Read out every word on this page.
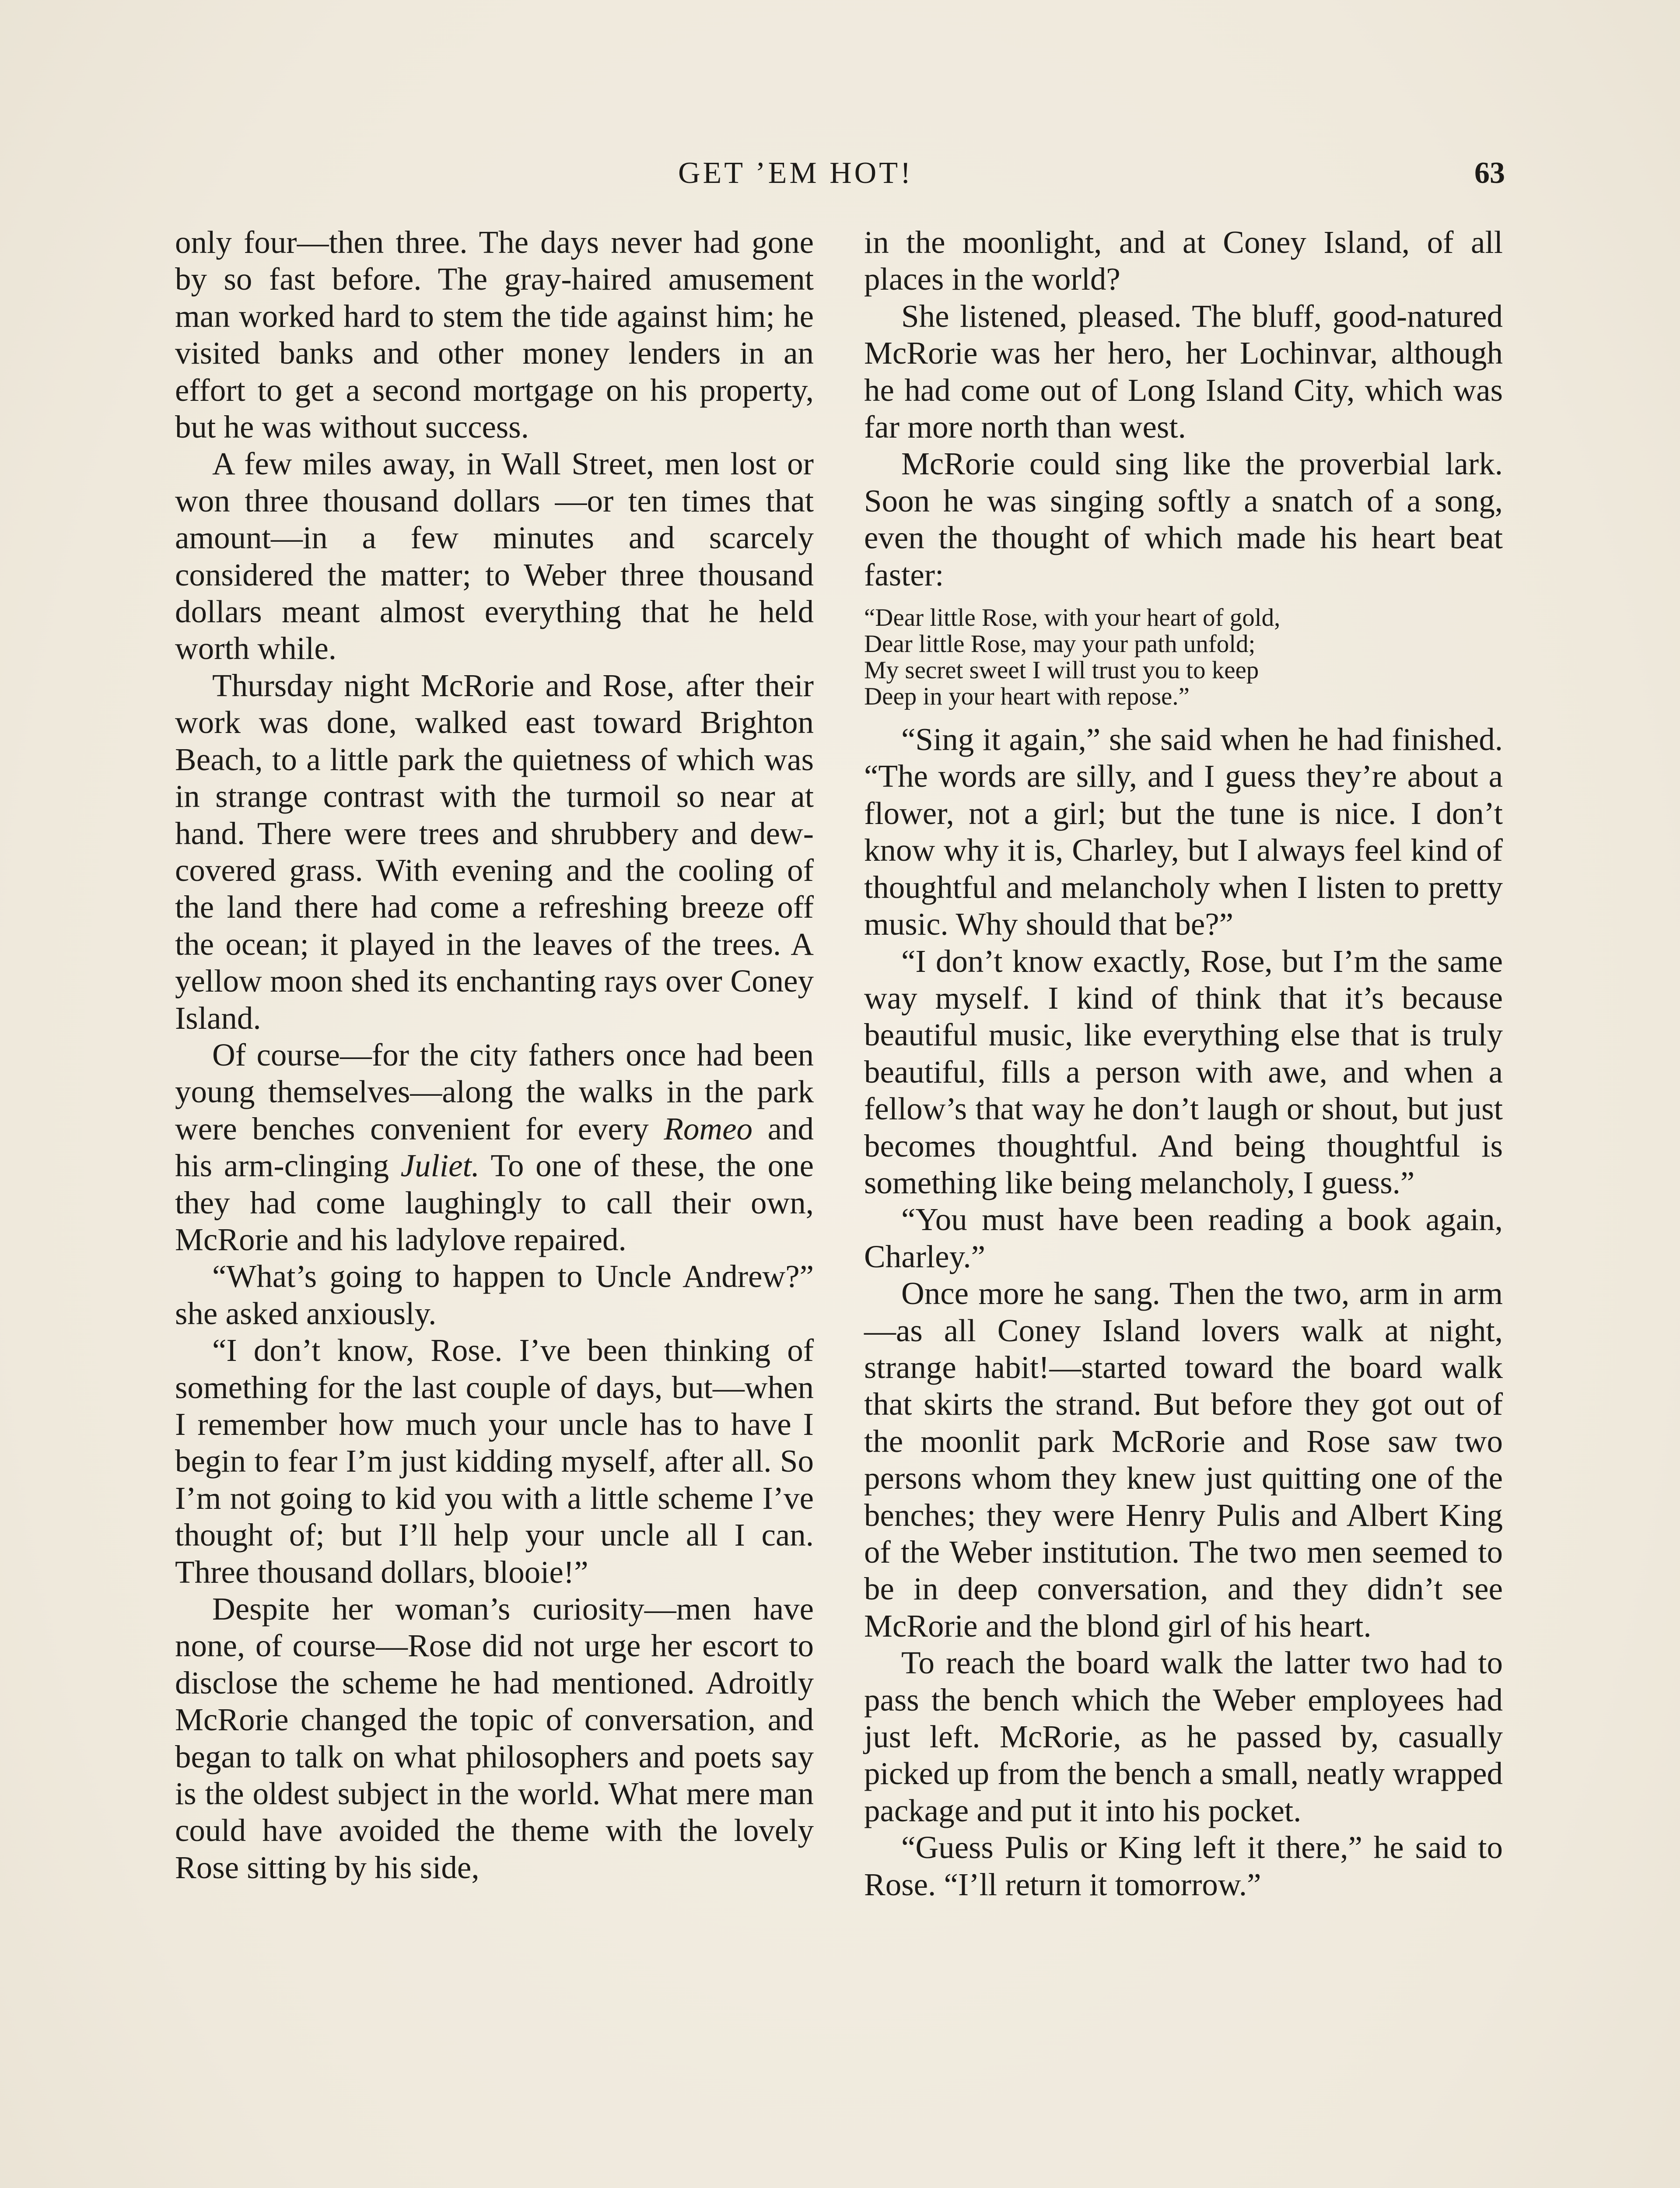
GET ’EM HOT!	63

only four—then three. The days never had gone by so fast before. The gray-haired amusement man worked hard to stem the tide against him; he visited banks and other money lenders in an effort to get a second mortgage on his property, but he was without success.

A few miles away, in Wall Street, men lost or won three thousand dollars —or ten times that amount—in a few minutes and scarcely considered the matter; to Weber three thousand dollars meant almost everything that he held worth while.

Thursday night McRorie and Rose, after their work was done, walked east toward Brighton Beach, to a little park the quietness of which was in strange contrast with the turmoil so near at hand. There were trees and shrubbery and dew-covered grass. With evening and the cooling of the land there had come a refreshing breeze off the ocean; it played in the leaves of the trees. A yellow moon shed its enchanting rays over Coney Island.

Of course—for the city fathers once had been young themselves—along the walks in the park were benches convenient for every Romeo and his arm-clinging Juliet. To one of these, the one they had come laughingly to call their own, McRorie and his ladylove repaired.

“What’s going to happen to Uncle Andrew?” she asked anxiously.

“I don’t know, Rose. I’ve been thinking of something for the last couple of days, but—when I remember how much your uncle has to have I begin to fear I’m just kidding myself, after all. So I’m not going to kid you with a little scheme I’ve thought of; but I’ll help your uncle all I can. Three thousand dollars, blooie!”

Despite her woman’s curiosity—men have none, of course—Rose did not urge her escort to disclose the scheme he had mentioned. Adroitly McRorie changed the topic of conversation, and began to talk on what philosophers and poets say is the oldest subject in the world. What mere man could have avoided the theme with the lovely Rose sitting by his side,

in the moonlight, and at Coney Island, of all places in the world?

She listened, pleased. The bluff, good-natured McRorie was her hero, her Lochinvar, although he had come out of Long Island City, which was far more north than west.

McRorie could sing like the proverbial lark. Soon he was singing softly a snatch of a song, even the thought of which made his heart beat faster:

“Dear little Rose, with your heart of gold,
Dear little Rose, may your path unfold;
My secret sweet I will trust you to keep
Deep in your heart with repose.”

“Sing it again,” she said when he had finished. “The words are silly, and I guess they’re about a flower, not a girl; but the tune is nice. I don’t know why it is, Charley, but I always feel kind of thoughtful and melancholy when I listen to pretty music. Why should that be?”

“I don’t know exactly, Rose, but I’m the same way myself. I kind of think that it’s because beautiful music, like everything else that is truly beautiful, fills a person with awe, and when a fellow’s that way he don’t laugh or shout, but just becomes thoughtful. And being thoughtful is something like being melancholy, I guess.”

“You must have been reading a book again, Charley.”

Once more he sang. Then the two, arm in arm—as all Coney Island lovers walk at night, strange habit!—started toward the board walk that skirts the strand. But before they got out of the moonlit park McRorie and Rose saw two persons whom they knew just quitting one of the benches; they were Henry Pulis and Albert King of the Weber institution. The two men seemed to be in deep conversation, and they didn’t see McRorie and the blond girl of his heart.

To reach the board walk the latter two had to pass the bench which the Weber employees had just left. McRorie, as he passed by, casually picked up from the bench a small, neatly wrapped package and put it into his pocket.

“Guess Pulis or King left it there,” he said to Rose. “I’ll return it tomorrow.”
